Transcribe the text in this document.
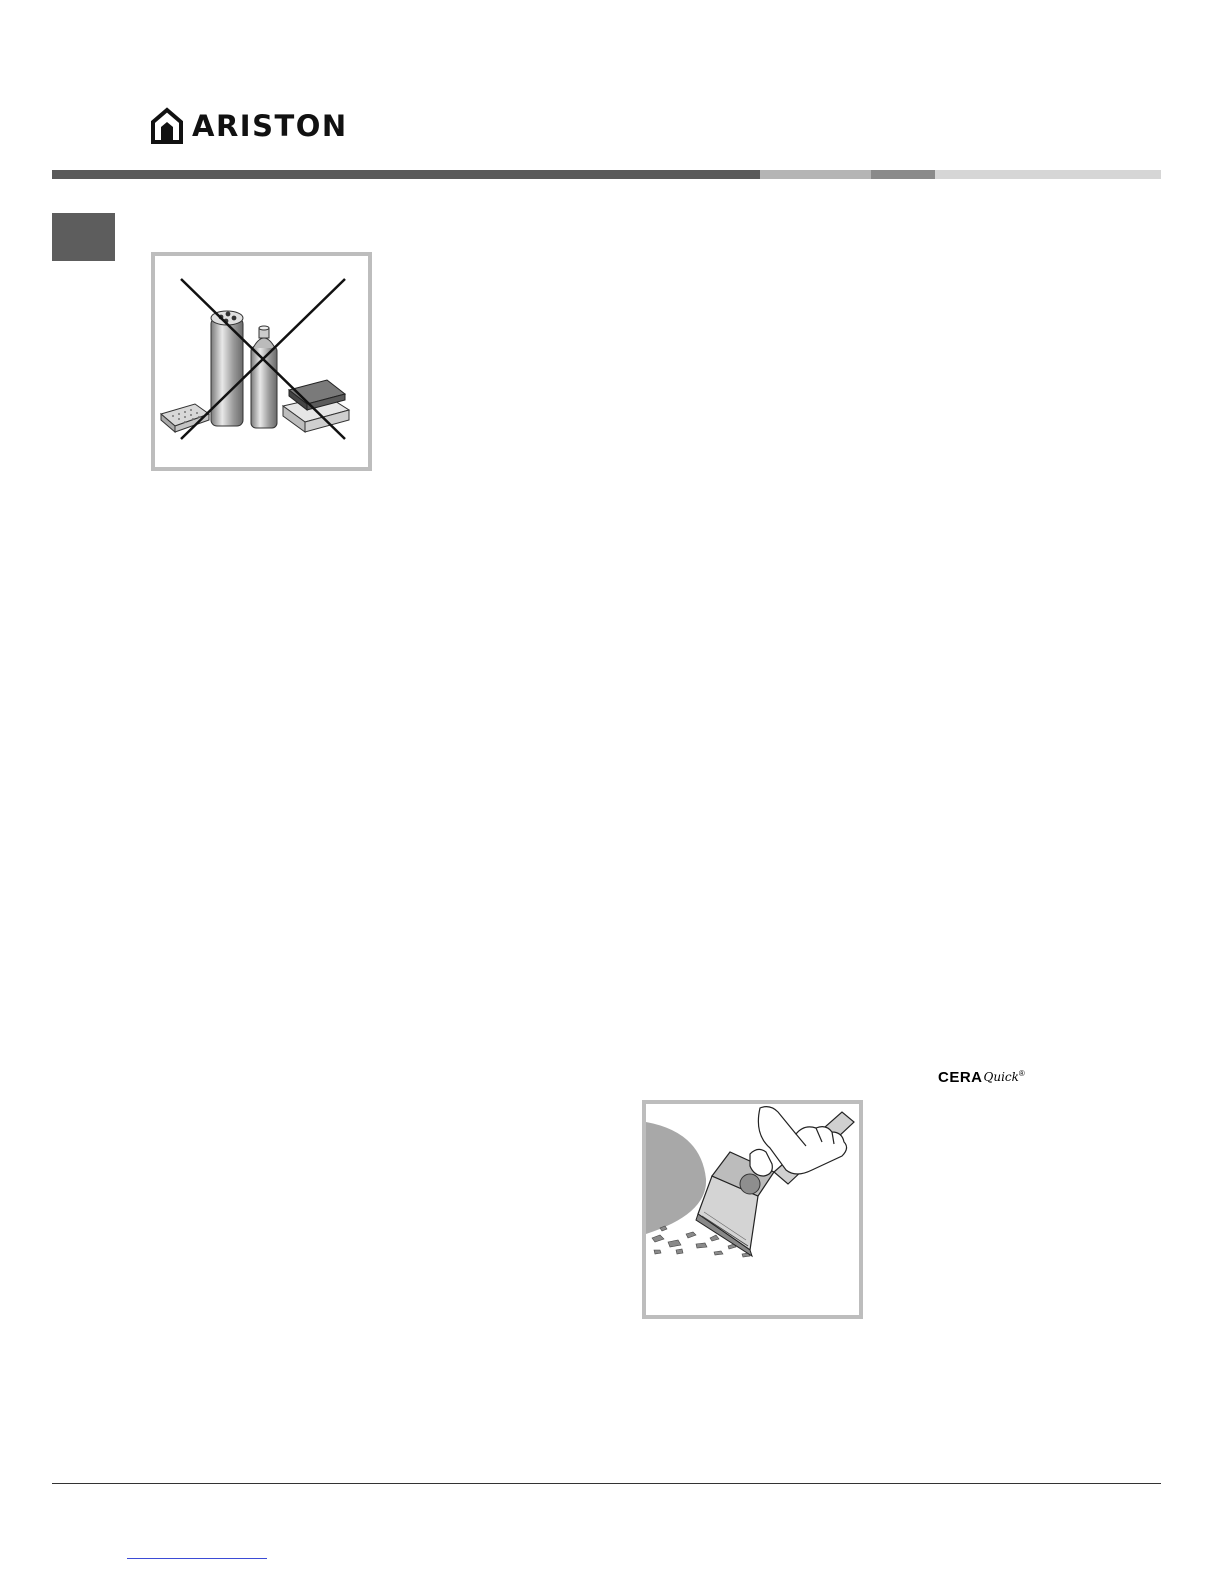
ARISTON
CERA Quick ®
